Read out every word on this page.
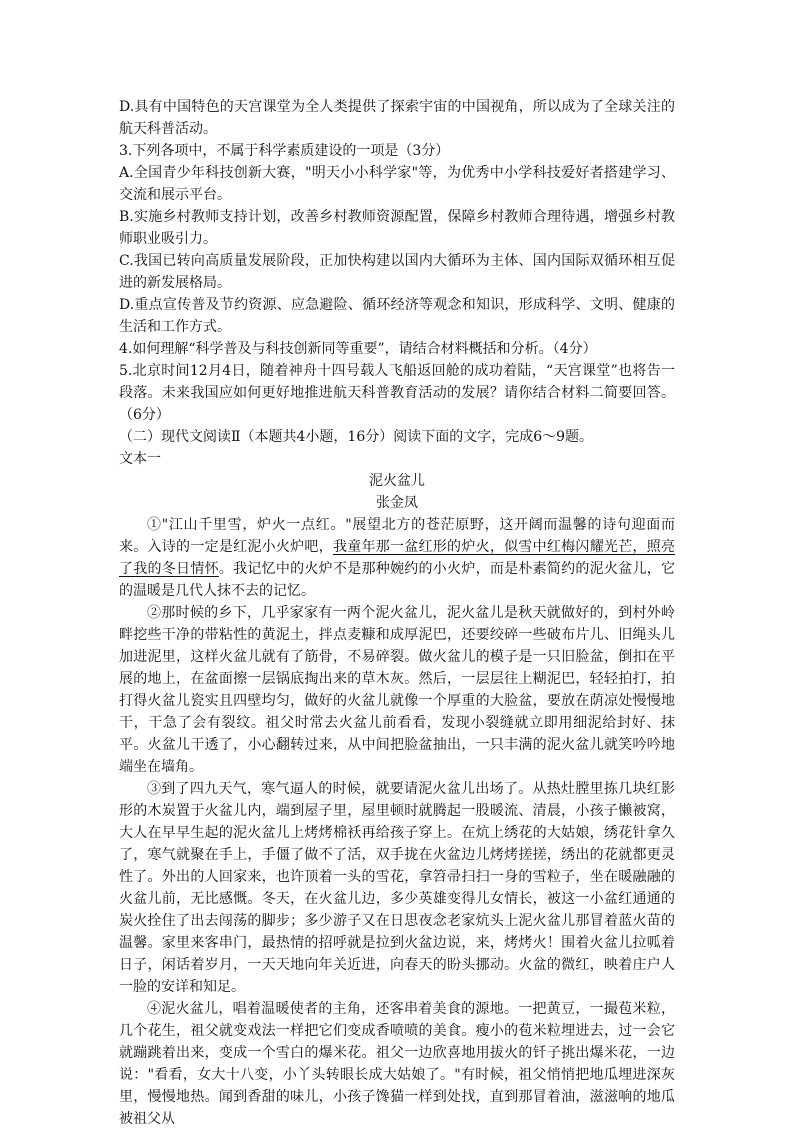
D.具有中国特色的天宫课堂为全人类提供了探索宇宙的中国视角，所以成为了全球关注的航天科普活动。

3.下列各项中，不属于科学素质建设的一项是（3分）

A.全国青少年科技创新大赛，"明天小小科学家"等，为优秀中小学科技爱好者搭建学习、交流和展示平台。

B.实施乡村教师支持计划，改善乡村教师资源配置，保障乡村教师合理待遇，增强乡村教师职业吸引力。

C.我国已转向高质量发展阶段，正加快构建以国内大循环为主体、国内国际双循环相互促进的新发展格局。

D.重点宣传普及节约资源、应急避险、循环经济等观念和知识，形成科学、文明、健康的生活和工作方式。

4.如何理解“科学普及与科技创新同等重要”，请结合材料概括和分析。（4分）

5.北京时间12月4日，随着神舟十四号载人飞船返回舱的成功着陆，“天宫课堂”也将告一段落。未来我国应如何更好地推进航天科普教育活动的发展？请你结合材料二简要回答。（6分）

（二）现代文阅读Ⅱ（本题共4小题，16分）阅读下面的文字，完成6～9题。

文本一

泥火盆儿

张金凤

①"江山千里雪，炉火一点红。"展望北方的苍茫原野，这开阔而温馨的诗句迎面而来。入诗的一定是红泥小火炉吧，我童年那一盆红形的炉火，似雪中红梅闪耀光芒，照亮了我的冬日情怀。我记忆中的火炉不是那种婉约的小火炉，而是朴素简约的泥火盆儿，它的温暖是几代人抹不去的记忆。

②那时候的乡下，几乎家家有一两个泥火盆儿，泥火盆儿是秋天就做好的，到村外岭畔挖些干净的带粘性的黄泥土，拌点麦糠和成厚泥巴，还要绞碎一些破布片儿、旧绳头儿加进泥里，这样火盆儿就有了筋骨，不易碎裂。做火盆儿的模子是一只旧脸盆，倒扣在平展的地上，在盆面擦一层锅底掏出来的草木灰。然后，一层层往上糊泥巴，轻轻拍打，拍打得火盆儿瓷实且四壁均匀，做好的火盆儿就像一个厚重的大脸盆，要放在荫凉处慢慢地干，干急了会有裂纹。祖父时常去火盆儿前看看，发现小裂缝就立即用细泥给封好、抹平。火盆儿干透了，小心翻转过来，从中间把脸盆抽出，一只丰满的泥火盆儿就笑吟吟地端坐在墙角。

③到了四九天气，寒气逼人的时候，就要请泥火盆儿出场了。从热灶膛里拣几块红影形的木炭置于火盆儿内，端到屋子里，屋里顿时就腾起一股暖流、清晨，小孩子懒被窝，大人在早早生起的泥火盆儿上烤烤棉袄再给孩子穿上。在炕上绣花的大姑娘，绣花针拿久了，寒气就聚在手上，手僵了做不了活，双手拢在火盆边儿烤烤搓搓，绣出的花就都更灵性了。外出的人回家来，也许顶着一头的雪花，拿笤帚扫扫一身的雪粒子，坐在暖融融的火盆儿前，无比感慨。冬天，在火盆儿边，多少英雄变得儿女情长，被这一小盆红通通的炭火拴住了出去闯荡的脚步；多少游子又在日思夜念老家炕头上泥火盆儿那冒着蓝火苗的温馨。家里来客串门，最热情的招呼就是拉到火盆边说，来，烤烤火！围着火盆儿拉呱着日子，闲话着岁月，一天天地向年关近进，向春天的盼头挪动。火盆的微红，映着庄户人一脸的安详和知足。

④泥火盆儿，唱着温暖使者的主角，还客串着美食的源地。一把黄豆，一撮苞米粒，几个花生，祖父就变戏法一样把它们变成香喷喷的美食。瘦小的苞米粒埋进去，过一会它就蹦跳着出来，变成一个雪白的爆米花。祖父一边欣喜地用拔火的钎子挑出爆米花，一边说："看看，女大十八变，小丫头转眼长成大姑娘了。"有时候，祖父悄悄把地瓜埋进深灰里，慢慢地热。闻到香甜的味儿，小孩子馋猫一样到处找，直到那冒着油，滋滋响的地瓜被祖父从
